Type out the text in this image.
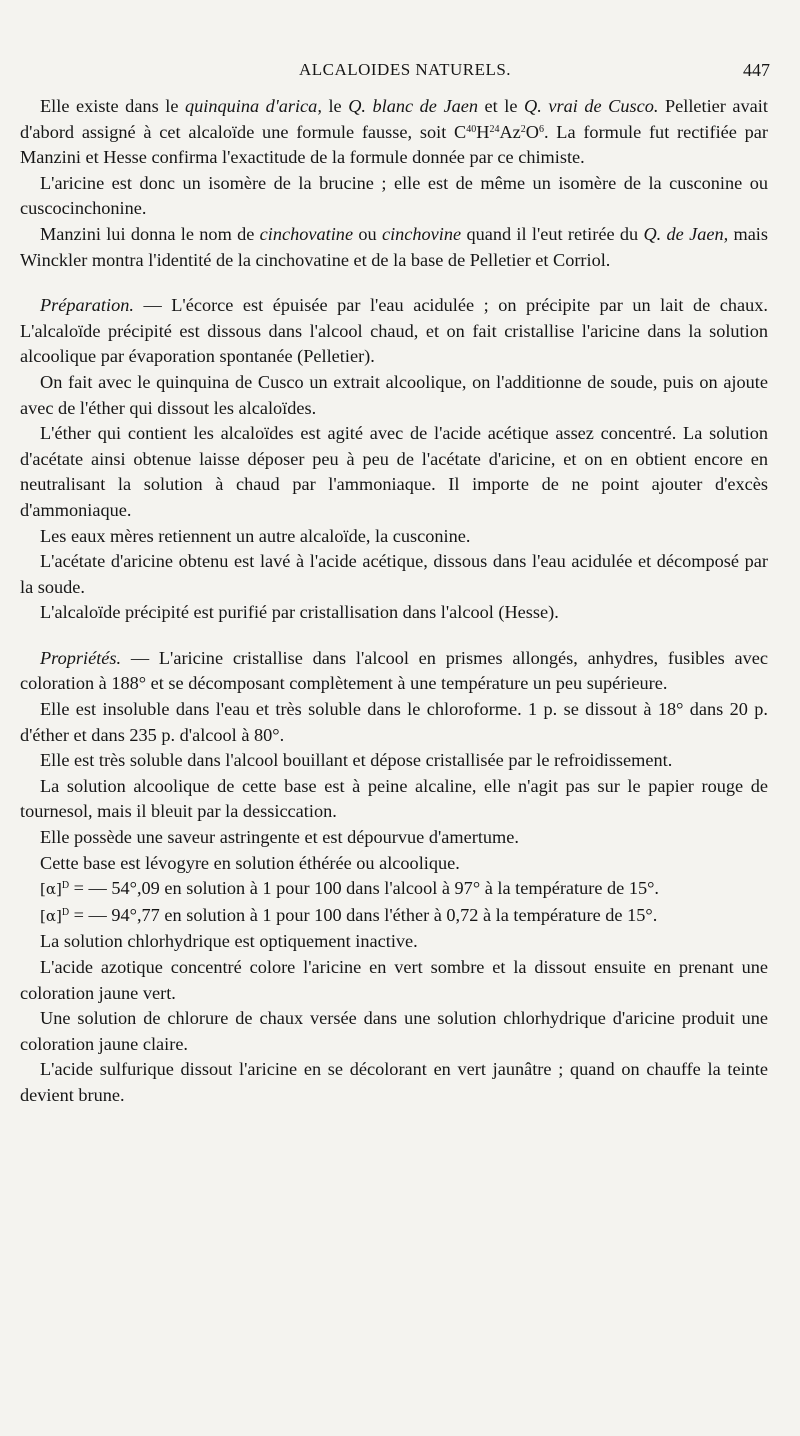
ALCALOIDES NATURELS.	447

Elle existe dans le quinquina d'arica, le Q. blanc de Jaen et le Q. vrai de Cusco. Pelletier avait d'abord assigné à cet alcaloïde une formule fausse, soit $C^{40}H^{24}Az^2O^6$. La formule fut rectifiée par Manzini et Hesse confirma l'exactitude de la formule donnée par ce chimiste.

L'aricine est donc un isomère de la brucine ; elle est de même un isomère de la cusconine ou cuscocinchonine.

Manzini lui donna le nom de cinchovatine ou cinchovine quand il l'eut retirée du Q. de Jaen, mais Winckler montra l'identité de la cinchovatine et de la base de Pelletier et Corriol.

Préparation. — L'écorce est épuisée par l'eau acidulée ; on précipite par un lait de chaux. L'alcaloïde précipité est dissous dans l'alcool chaud, et on fait cristallise l'aricine dans la solution alcoolique par évaporation spontanée (Pelletier).

On fait avec le quinquina de Cusco un extrait alcoolique, on l'additionne de soude, puis on ajoute avec de l'éther qui dissout les alcaloïdes.

L'éther qui contient les alcaloïdes est agité avec de l'acide acétique assez concentré. La solution d'acétate ainsi obtenue laisse déposer peu à peu de l'acétate d'aricine, et on en obtient encore en neutralisant la solution à chaud par l'ammoniaque. Il importe de ne point ajouter d'excès d'ammoniaque.

Les eaux mères retiennent un autre alcaloïde, la cusconine.

L'acétate d'aricine obtenu est lavé à l'acide acétique, dissous dans l'eau acidulée et décomposé par la soude.

L'alcaloïde précipité est purifié par cristallisation dans l'alcool (Hesse).

Propriétés. — L'aricine cristallise dans l'alcool en prismes allongés, anhydres, fusibles avec coloration à 188° et se décomposant complètement à une température un peu supérieure.

Elle est insoluble dans l'eau et très soluble dans le chloroforme. 1 p. se dissout à 18° dans 20 p. d'éther et dans 235 p. d'alcool à 80°.

Elle est très soluble dans l'alcool bouillant et dépose cristallisée par le refroidissement.

La solution alcoolique de cette base est à peine alcaline, elle n'agit pas sur le papier rouge de tournesol, mais il bleuit par la dessiccation.

Elle possède une saveur astringente et est dépourvue d'amertume.

Cette base est lévogyre en solution éthérée ou alcoolique.

$[\alpha]^D$ = — 54°,09 en solution à 1 pour 100 dans l'alcool à 97° à la température de 15°.

$[\alpha]^D$ = — 94°,77 en solution à 1 pour 100 dans l'éther à 0,72 à la température de 15°.

La solution chlorhydrique est optiquement inactive.

L'acide azotique concentré colore l'aricine en vert sombre et la dissout ensuite en prenant une coloration jaune vert.

Une solution de chlorure de chaux versée dans une solution chlorhydrique d'aricine produit une coloration jaune claire.

L'acide sulfurique dissout l'aricine en se décolorant en vert jaunâtre ; quand on chauffe la teinte devient brune.
